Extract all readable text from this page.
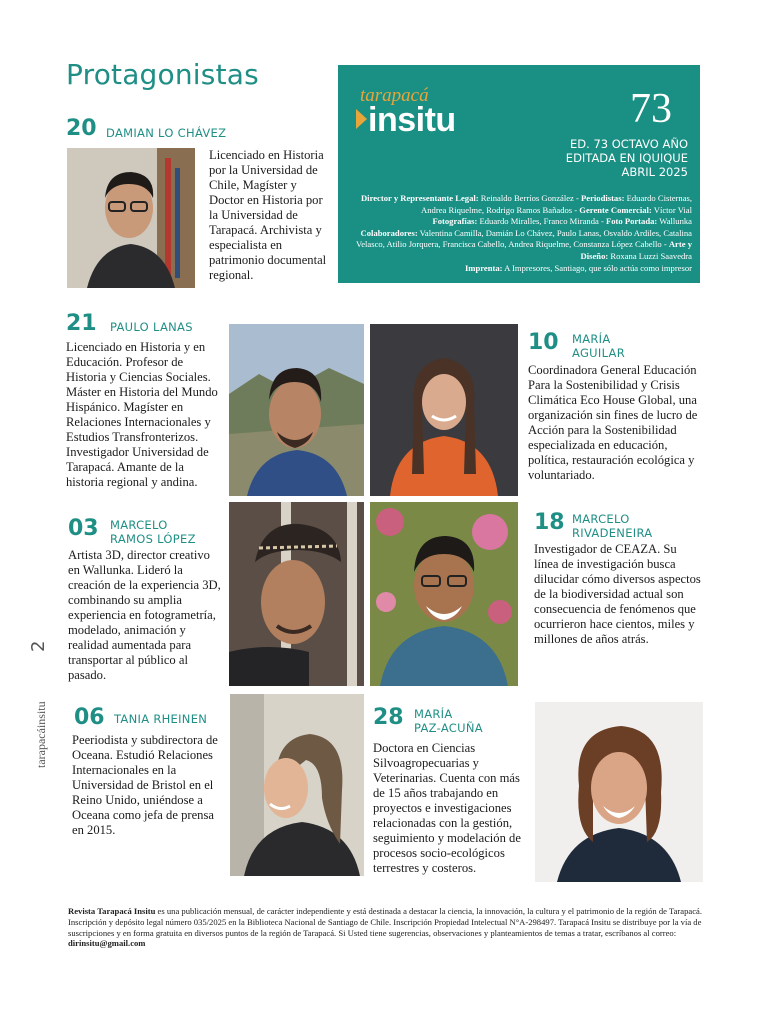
Protagonistas
tarapacá
insitu	73
ED. 73 OCTAVO AÑO
EDITADA EN IQUIQUE
ABRIL 2025
Director y Representante Legal: Reinaldo Berríos González - Periodistas: Eduardo Cisternas, Andrea Riquelme, Rodrigo Ramos Bañados - Gerente Comercial: Víctor Vial
Fotografías: Eduardo Miralles, Franco Miranda - Foto Portada: Wallunka
Colaboradores: Valentina Camilla, Damián Lo Chávez, Paulo Lanas, Osvaldo Ardiles, Catalina Velasco, Atilio Jorquera, Francisca Cabello, Andrea Riquelme, Constanza López Cabello - Arte y Diseño: Roxana Luzzi Saavedra
Imprenta: A Impresores, Santiago, que sólo actúa como impresor
20 DAMIAN LO CHÁVEZ
Licenciado en Historia por la Universidad de Chile, Magíster y Doctor en Historia por la Universidad de Tarapacá. Archivista y especialista en patrimonio documental regional.
21 PAULO LANAS
Licenciado en Historia y en Educación. Profesor de Historia y Ciencias Sociales. Máster en Historia del Mundo Hispánico. Magíster en Relaciones Internacionales y Estudios Transfronterizos. Investigador Universidad de Tarapacá. Amante de la historia regional y andina.
10 MARÍA
AGUILAR
Coordinadora General Educación Para la Sostenibilidad y Crisis Climática Eco House Global, una organización sin fines de lucro de Acción para la Sostenibilidad especializada en educación, política, restauración ecológica y voluntariado.
03 MARCELO
RAMOS LÓPEZ
Artista 3D, director creativo en Wallunka. Lideró la creación de la experiencia 3D, combinando su amplia experiencia en fotogrametría, modelado, animación y realidad aumentada para transportar al público al pasado.
18 MARCELO
RIVADENEIRA
Investigador de CEAZA. Su línea de investigación busca dilucidar cómo diversos aspectos de la biodiversidad actual son consecuencia de fenómenos que ocurrieron hace cientos, miles y millones de años atrás.
06 TANIA RHEINEN
Peeriodista y subdirectora de Oceana. Estudió Relaciones Internacionales en la Universidad de Bristol en el Reino Unido, uniéndose a Oceana como jefa de prensa en 2015.
28 MARÍA
PAZ-ACUÑA
Doctora en Ciencias Silvoagropecuarias y Veterinarias. Cuenta con más de 15 años trabajando en proyectos e investigaciones relacionadas con la gestión, seguimiento y modelación de procesos socio-ecológicos terrestres y costeros.
2
tarapacáinsitu
Revista Tarapacá Insitu es una publicación mensual, de carácter independiente y está destinada a destacar la ciencia, la innovación, la cultura y el patrimonio de la región de Tarapacá. Inscripción y depósito legal número 035/2025 en la Biblioteca Nacional de Santiago de Chile. Inscripción Propiedad Intelectual N°A-298497. Tarapacá Insitu se distribuye por la vía de suscripciones y en forma gratuita en diversos puntos de la región de Tarapacá. Si Usted tiene sugerencias, observaciones y planteamientos de temas a tratar, escríbanos al correo: dirinsitu@gmail.com
